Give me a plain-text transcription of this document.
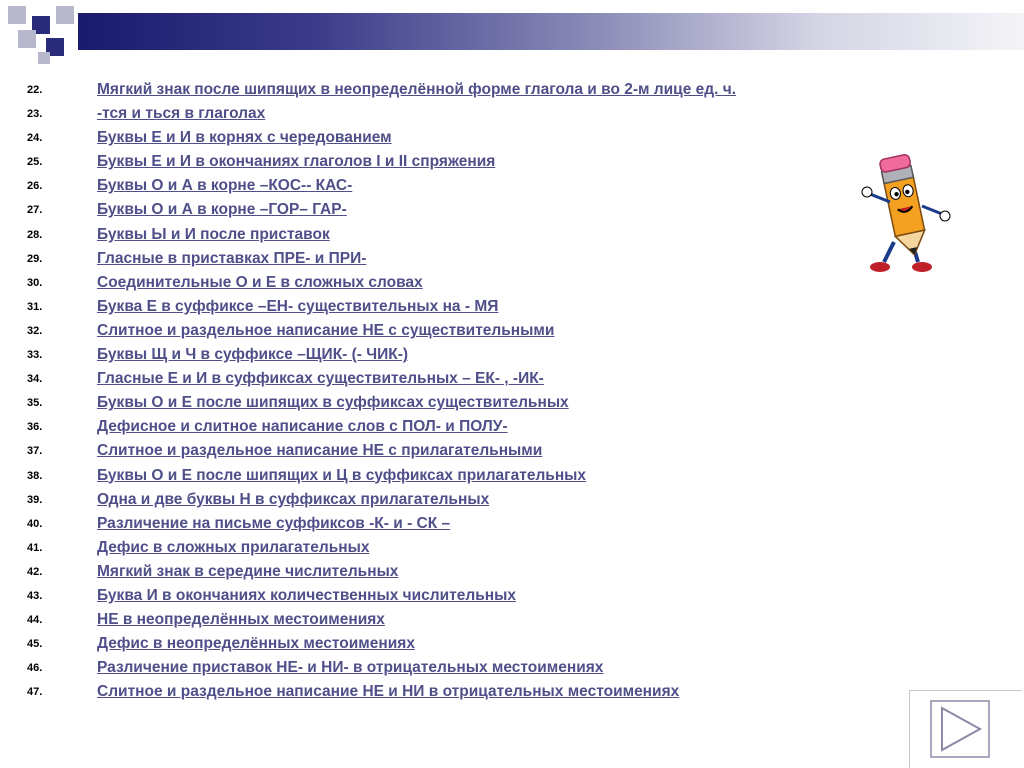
22.	Мягкий знак после шипящих в неопределённой форме глагола и во 2-м лице ед. ч.
23.	-тся и ться в глаголах
24.	Буквы Е и И в корнях с чередованием
25.	Буквы Е и И в окончаниях глаголов I и II спряжения
26.	Буквы О и А в корне –КОС-- КАС-
27.	Буквы О и А в корне –ГОР– ГАР-
28.	Буквы Ы и И после приставок
29.	Гласные в приставках ПРЕ- и ПРИ-
30.	Соединительные О и Е в сложных словах
31.	Буква Е в суффиксе –ЕН- существительных на - МЯ
32.	Слитное и раздельное написание НЕ с существительными
33.	Буквы Щ и Ч в суффиксе –ЩИК- (- ЧИК-)
34.	Гласные Е и И в суффиксах существительных – ЕК- , -ИК-
35.	Буквы О и Е после шипящих в суффиксах существительных
36.	Дефисное и слитное написание слов с ПОЛ- и ПОЛУ-
37.	Слитное и раздельное написание НЕ с прилагательными
38.	Буквы О и Е после шипящих и Ц в суффиксах прилагательных
39.	Одна и две буквы Н в суффиксах прилагательных
40.	Различение на письме суффиксов -К- и - СК –
41.	Дефис в сложных прилагательных
42.	Мягкий знак в середине числительных
43.	Буква И в окончаниях количественных числительных
44.	НЕ в неопределённых местоимениях
45.	Дефис в неопределённых местоимениях
46.	Различение приставок НЕ- и НИ- в отрицательных местоимениях
47.	Слитное и раздельное написание НЕ и НИ в отрицательных местоимениях
